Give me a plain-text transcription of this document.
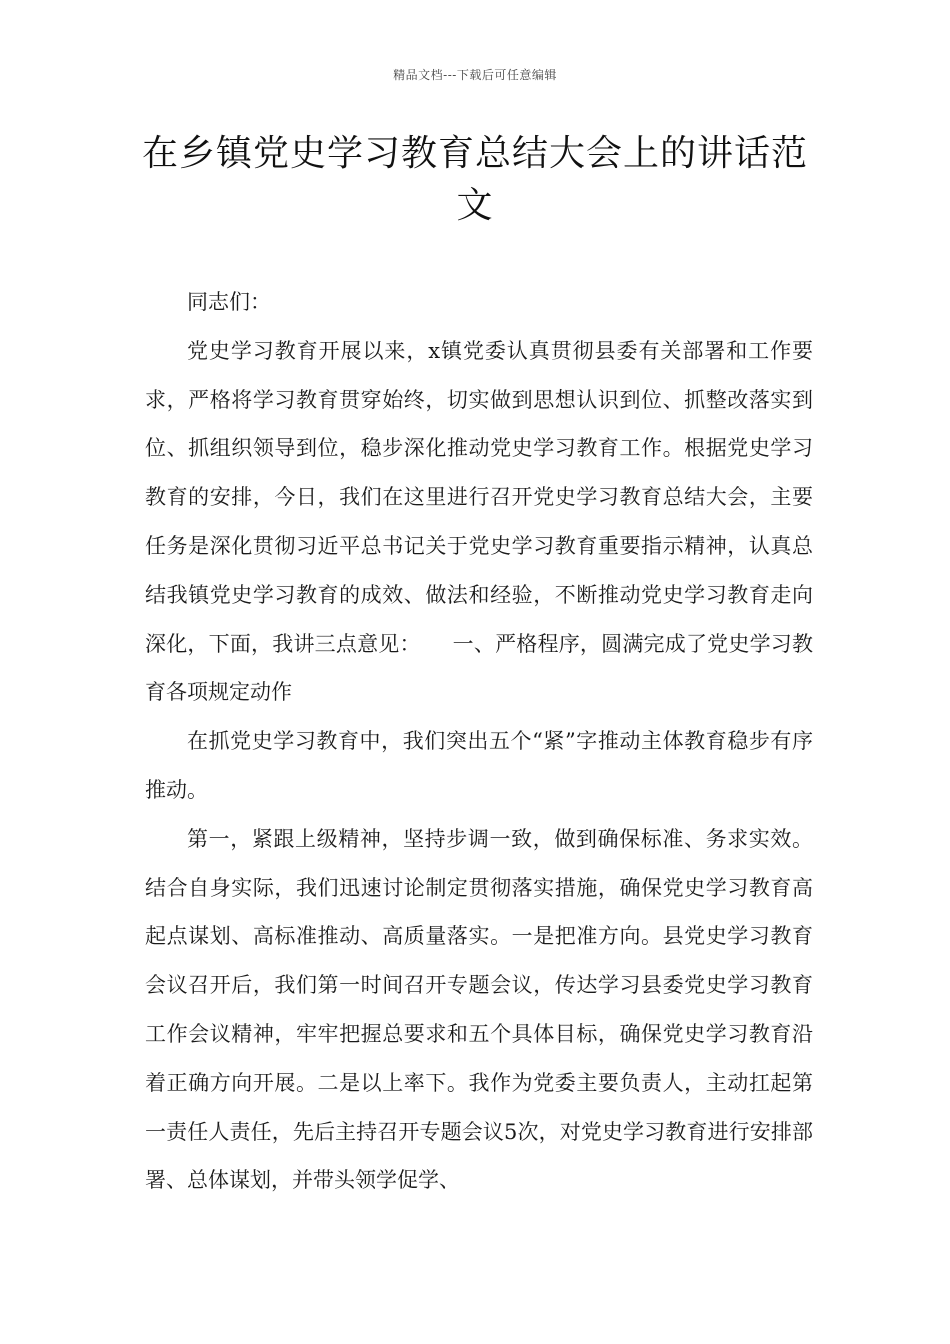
精品文档---下载后可任意编辑
在乡镇党史学习教育总结大会上的讲话范文

同志们：

党史学习教育开展以来，x镇党委认真贯彻县委有关部署和工作要求，严格将学习教育贯穿始终，切实做到思想认识到位、抓整改落实到位、抓组织领导到位，稳步深化推动党史学习教育工作。根据党史学习教育的安排，今日，我们在这里进行召开党史学习教育总结大会，主要任务是深化贯彻习近平总书记关于党史学习教育重要指示精神，认真总结我镇党史学习教育的成效、做法和经验，不断推动党史学习教育走向深化，下面，我讲三点意见：　　一、严格程序，圆满完成了党史学习教育各项规定动作

在抓党史学习教育中，我们突出五个“紧”字推动主体教育稳步有序推动。

第一，紧跟上级精神，坚持步调一致，做到确保标准、务求实效。结合自身实际，我们迅速讨论制定贯彻落实措施，确保党史学习教育高起点谋划、高标准推动、高质量落实。一是把准方向。县党史学习教育会议召开后，我们第一时间召开专题会议，传达学习县委党史学习教育工作会议精神，牢牢把握总要求和五个具体目标，确保党史学习教育沿着正确方向开展。二是以上率下。我作为党委主要负责人，主动扛起第一责任人责任，先后主持召开专题会议5次，对党史学习教育进行安排部署、总体谋划，并带头领学促学、
